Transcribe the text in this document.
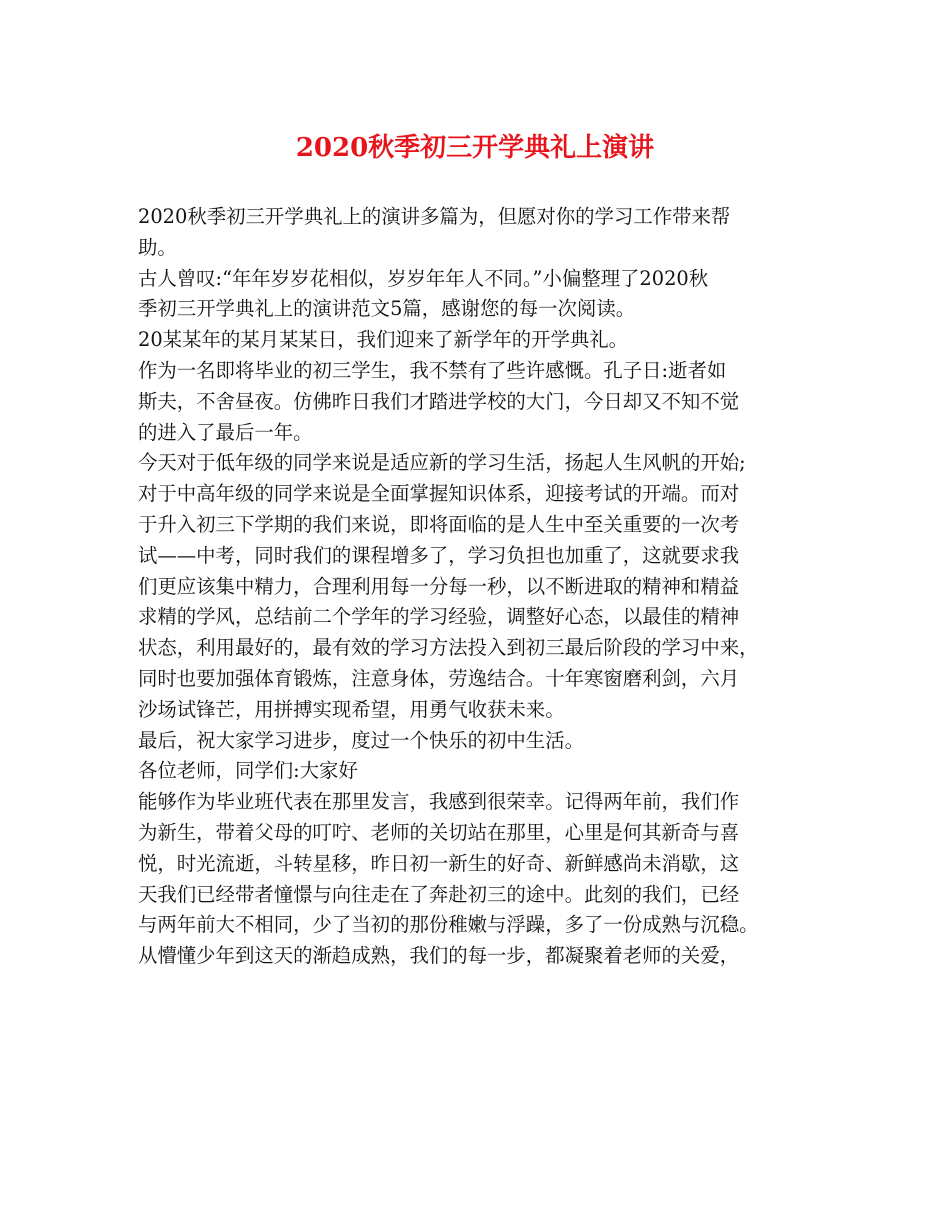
2020秋季初三开学典礼上演讲
2020秋季初三开学典礼上的演讲多篇为，但愿对你的学习工作带来帮
助。
古人曾叹:“年年岁岁花相似，岁岁年年人不同。”小偏整理了2020秋
季初三开学典礼上的演讲范文5篇，感谢您的每一次阅读。
20某某年的某月某某日，我们迎来了新学年的开学典礼。
作为一名即将毕业的初三学生，我不禁有了些许感慨。孔子日:逝者如
斯夫，不舍昼夜。仿佛昨日我们才踏进学校的大门，今日却又不知不觉
的进入了最后一年。
今天对于低年级的同学来说是适应新的学习生活，扬起人生风帆的开始;
对于中高年级的同学来说是全面掌握知识体系，迎接考试的开端。而对
于升入初三下学期的我们来说，即将面临的是人生中至关重要的一次考
试——中考，同时我们的课程增多了，学习负担也加重了，这就要求我
们更应该集中精力，合理利用每一分每一秒，以不断进取的精神和精益
求精的学风，总结前二个学年的学习经验，调整好心态，以最佳的精神
状态，利用最好的，最有效的学习方法投入到初三最后阶段的学习中来，
同时也要加强体育锻炼，注意身体，劳逸结合。十年寒窗磨利剑，六月
沙场试锋芒，用拼搏实现希望，用勇气收获未来。
最后，祝大家学习进步，度过一个快乐的初中生活。
各位老师，同学们:大家好
能够作为毕业班代表在那里发言，我感到很荣幸。记得两年前，我们作
为新生，带着父母的叮咛、老师的关切站在那里，心里是何其新奇与喜
悦，时光流逝，斗转星移，昨日初一新生的好奇、新鲜感尚未消歇，这
天我们已经带者憧憬与向往走在了奔赴初三的途中。此刻的我们，已经
与两年前大不相同，少了当初的那份稚嫩与浮躁，多了一份成熟与沉稳。
从懵懂少年到这天的渐趋成熟，我们的每一步，都凝聚着老师的关爱，
